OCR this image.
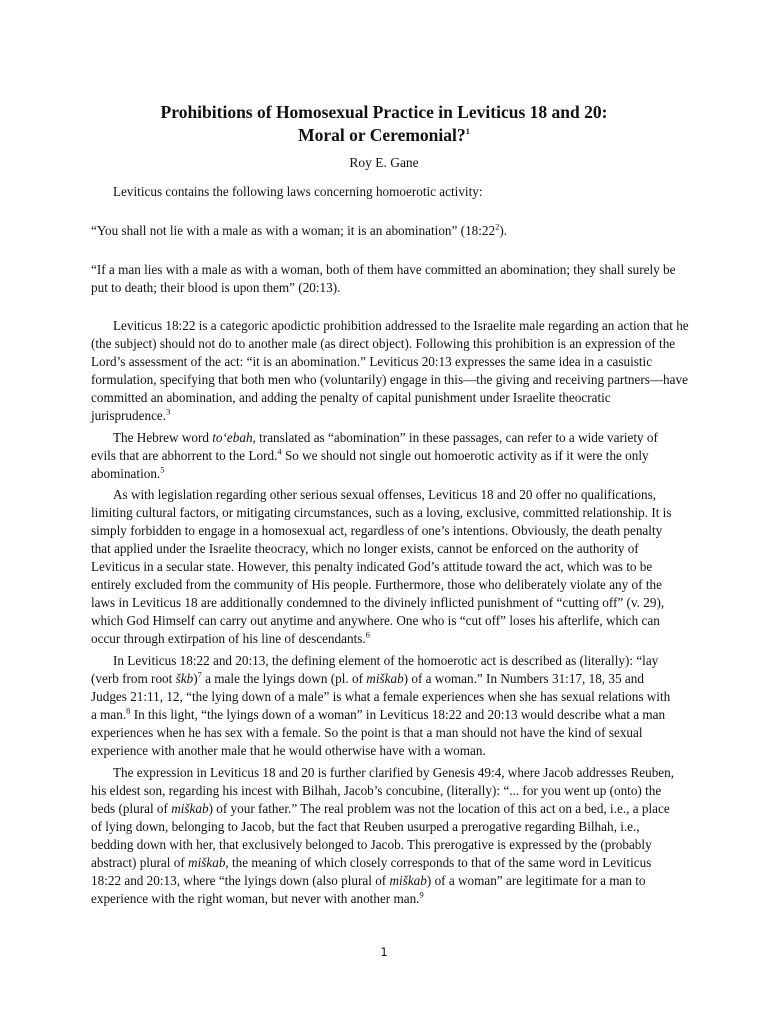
Prohibitions of Homosexual Practice in Leviticus 18 and 20:
Moral or Ceremonial?$^1$
Roy E. Gane
Leviticus contains the following laws concerning homoerotic activity:
“You shall not lie with a male as with a woman; it is an abomination” $(18:22^2)$.
“If a man lies with a male as with a woman, both of them have committed an abomination; they shall surely be
put to death; their blood is upon them” (20:13).
Leviticus 18:22 is a categoric apodictic prohibition addressed to the Israelite male regarding an action that he
(the subject) should not do to another male (as direct object). Following this prohibition is an expression of the
Lord’s assessment of the act: “it is an abomination.” Leviticus 20:13 expresses the same idea in a casuistic
formulation, specifying that both men who (voluntarily) engage in this—the giving and receiving partners—have
committed an abomination, and adding the penalty of capital punishment under Israelite theocratic
jurisprudence.$^3$
The Hebrew word to‘ebah, translated as “abomination” in these passages, can refer to a wide variety of
evils that are abhorrent to the Lord.$^4$ So we should not single out homoerotic activity as if it were the only
abomination.$^5$
As with legislation regarding other serious sexual offenses, Leviticus 18 and 20 offer no qualifications,
limiting cultural factors, or mitigating circumstances, such as a loving, exclusive, committed relationship. It is
simply forbidden to engage in a homosexual act, regardless of one’s intentions. Obviously, the death penalty
that applied under the Israelite theocracy, which no longer exists, cannot be enforced on the authority of
Leviticus in a secular state. However, this penalty indicated God’s attitude toward the act, which was to be
entirely excluded from the community of His people. Furthermore, those who deliberately violate any of the
laws in Leviticus 18 are additionally condemned to the divinely inflicted punishment of “cutting off” (v. 29),
which God Himself can carry out anytime and anywhere. One who is “cut off” loses his afterlife, which can
occur through extirpation of his line of descendants.$^6$
In Leviticus 18:22 and 20:13, the defining element of the homoerotic act is described as (literally): “lay
(verb from root škb)$^7$ a male the lyings down (pl. of miškab) of a woman.” In Numbers 31:17, 18, 35 and
Judges 21:11, 12, “the lying down of a male” is what a female experiences when she has sexual relations with
a man.$^8$ In this light, “the lyings down of a woman” in Leviticus 18:22 and 20:13 would describe what a man
experiences when he has sex with a female. So the point is that a man should not have the kind of sexual
experience with another male that he would otherwise have with a woman.
The expression in Leviticus 18 and 20 is further clarified by Genesis 49:4, where Jacob addresses Reuben,
his eldest son, regarding his incest with Bilhah, Jacob’s concubine, (literally): “... for you went up (onto) the
beds (plural of miškab) of your father.” The real problem was not the location of this act on a bed, i.e., a place
of lying down, belonging to Jacob, but the fact that Reuben usurped a prerogative regarding Bilhah, i.e.,
bedding down with her, that exclusively belonged to Jacob. This prerogative is expressed by the (probably
abstract) plural of miškab, the meaning of which closely corresponds to that of the same word in Leviticus
18:22 and 20:13, where “the lyings down (also plural of miškab) of a woman” are legitimate for a man to
experience with the right woman, but never with another man.$^9$
1
